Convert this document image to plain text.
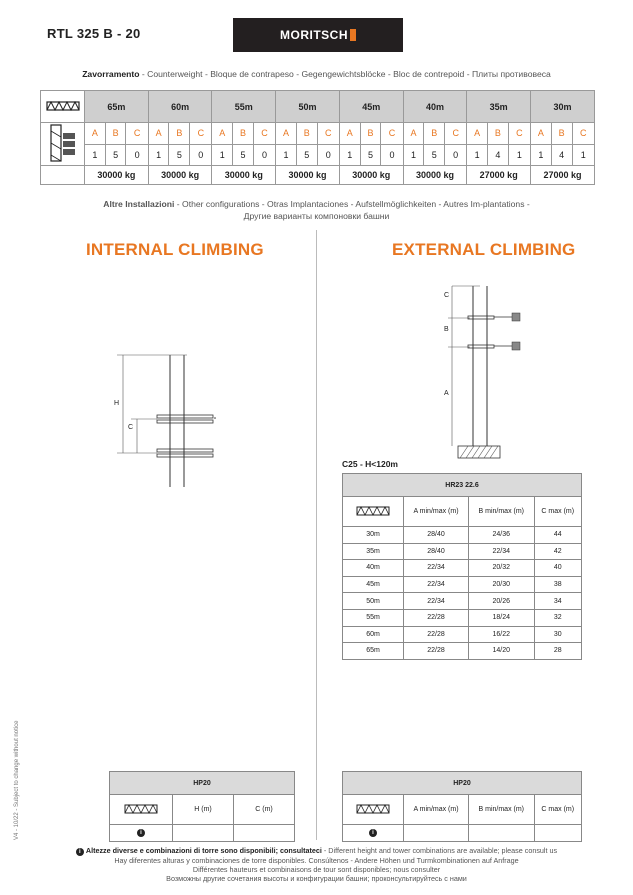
RTL 325 B - 20	MORITSCH
Zavorramento - Counterweight - Bloque de contrapeso - Gegengewichtsblöcke - Bloc de contrepoid - Плиты противовеса
	65m			60m			55m			50m			45m			40m			35m			30m		
	A	B	C	A	B	C	A	B	C	A	B	C	A	B	C	A	B	C	A	B	C	A	B	C
	1	5	0	1	5	0	1	5	0	1	5	0	1	5	0	1	5	0	1	4	1	1	4	1
	30000 kg			30000 kg			30000 kg			30000 kg			30000 kg			30000 kg			27000 kg			27000 kg		
Altre Installazioni - Other configurations - Otras Implantaciones - Aufstellmöglichkeiten - Autres Im-plantations -
Другие варианты компоновки башни
INTERNAL CLIMBING	EXTERNAL CLIMBING
H
C
C
B
A
C25 - H<120m
HR23 22.6			
	A min/max (m)	B min/max (m)	C max (m)
30m	28/40	24/36	44
35m	28/40	22/34	42
40m	22/34	20/32	40
45m	22/34	20/30	38
50m	22/34	20/26	34
55m	22/28	18/24	32
60m	22/28	16/22	30
65m	22/28	14/20	28
HP20		
	H (m)	C (m)
i		
HP20			
	A min/max (m)	B min/max (m)	C max (m)
i			
i Altezze diverse e combinazioni di torre sono disponibili; consultateci - Different height and tower combinations are available; please consult us
Hay diferentes alturas y combinaciones de torre disponibles. Consúltenos - Andere Höhen und Turmkombinationen auf Anfrage
Différentes hauteurs et combinaisons de tour sont disponibles; nous consulter
Возможны другие сочетания высоты и конфигурации башни; проконсультируйтесь с нами
V4 - 10/22 - Subject to change without notice
